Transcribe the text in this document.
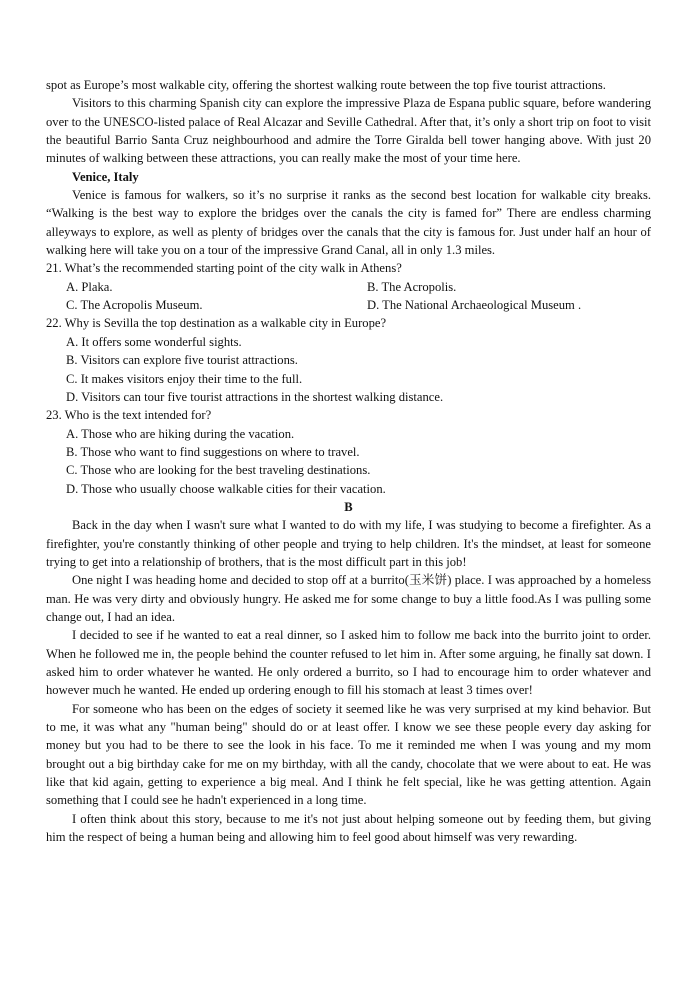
spot as Europe’s most walkable city, offering the shortest walking route between the top five tourist attractions.

Visitors to this charming Spanish city can explore the impressive Plaza de Espana public square, before wandering over to the UNESCO-listed palace of Real Alcazar and Seville Cathedral. After that, it’s only a short trip on foot to visit the beautiful Barrio Santa Cruz neighbourhood and admire the Torre Giralda bell tower hanging above. With just 20 minutes of walking between these attractions, you can really make the most of your time here.

Venice, Italy

Venice is famous for walkers, so it’s no surprise it ranks as the second best location for walkable city breaks. “Walking is the best way to explore the bridges over the canals the city is famed for” There are endless charming alleyways to explore, as well as plenty of bridges over the canals that the city is famous for. Just under half an hour of walking here will take you on a tour of the impressive Grand Canal, all in only 1.3 miles.

21. What’s the recommended starting point of the city walk in Athens?

A. Plaka.	B. The Acropolis.
C. The Acropolis Museum.	D. The National Archaeological Museum .

22. Why is Sevilla the top destination as a walkable city in Europe?

A. It offers some wonderful sights.

B. Visitors can explore five tourist attractions.

C. It makes visitors enjoy their time to the full.

D. Visitors can tour five tourist attractions in the shortest walking distance.

23. Who is the text intended for?

A. Those who are hiking during the vacation.

B. Those who want to find suggestions on where to travel.

C. Those who are looking for the best traveling destinations.

D. Those who usually choose walkable cities for their vacation.

B

Back in the day when I wasn't sure what I wanted to do with my life, I was studying to become a firefighter. As a firefighter, you're constantly thinking of other people and trying to help children. It's the mindset, at least for someone trying to get into a relationship of brothers, that is the most difficult part in this job!

One night I was heading home and decided to stop off at a burrito(玉米饼) place. I was approached by a homeless man. He was very dirty and obviously hungry. He asked me for some change to buy a little food.As I was pulling some change out, I had an idea.

I decided to see if he wanted to eat a real dinner, so I asked him to follow me back into the burrito joint to order. When he followed me in, the people behind the counter refused to let him in. After some arguing, he finally sat down. I asked him to order whatever he wanted. He only ordered a burrito, so I had to encourage him to order whatever and however much he wanted. He ended up ordering enough to fill his stomach at least 3 times over!

For someone who has been on the edges of society it seemed like he was very surprised at my kind behavior. But to me, it was what any "human being" should do or at least offer. I know we see these people every day asking for money but you had to be there to see the look in his face. To me it reminded me when I was young and my mom brought out a big birthday cake for me on my birthday, with all the candy, chocolate that we were about to eat. He was like that kid again, getting to experience a big meal. And I think he felt special, like he was getting attention. Again something that I could see he hadn't experienced in a long time.

I often think about this story, because to me it's not just about helping someone out by feeding them, but giving him the respect of being a human being and allowing him to feel good about himself was very rewarding.
